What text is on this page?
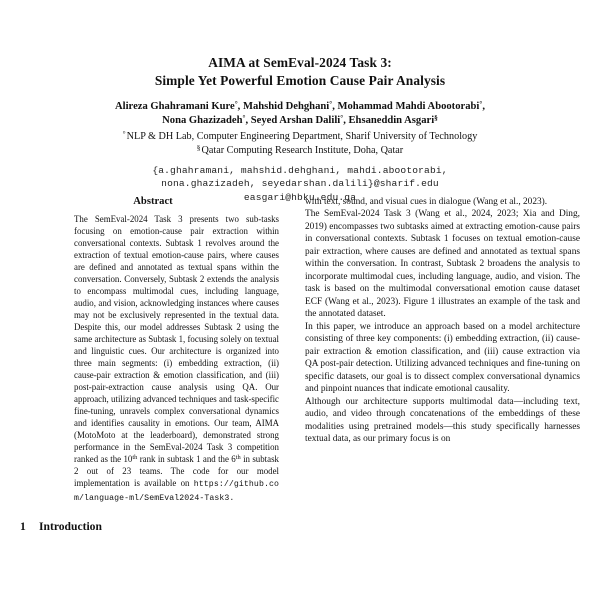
AIMA at SemEval-2024 Task 3:
Simple Yet Powerful Emotion Cause Pair Analysis
Alireza Ghahramani Kure°, Mahshid Dehghani°, Mohammad Mahdi Abootorabi°,
Nona Ghazizadeh°, Seyed Arshan Dalili°, Ehsaneddin Asgari§
°NLP & DH Lab, Computer Engineering Department, Sharif University of Technology
§Qatar Computing Research Institute, Doha, Qatar
{a.ghahramani, mahshid.dehghani, mahdi.abootorabi,
nona.ghazizadeh, seyedarshan.dalili}@sharif.edu
easgari@hbku.edu.qa
Abstract
The SemEval-2024 Task 3 presents two sub-tasks focusing on emotion-cause pair extraction within conversational contexts. Subtask 1 revolves around the extraction of textual emotion-cause pairs, where causes are defined and annotated as textual spans within the conversation. Conversely, Subtask 2 extends the analysis to encompass multimodal cues, including language, audio, and vision, acknowledging instances where causes may not be exclusively represented in the textual data. Despite this, our model addresses Subtask 2 using the same architecture as Subtask 1, focusing solely on textual and linguistic cues. Our architecture is organized into three main segments: (i) embedding extraction, (ii) cause-pair extraction & emotion classification, and (iii) post-pair-extraction cause analysis using QA. Our approach, utilizing advanced techniques and task-specific fine-tuning, unravels complex conversational dynamics and identifies causality in emotions. Our team, AIMA (MotoMoto at the leaderboard), demonstrated strong performance in the SemEval-2024 Task 3 competition ranked as the 10th rank in subtask 1 and the 6th in subtask 2 out of 23 teams. The code for our model implementation is available on https://github.com/language-ml/SemEval2024-Task3.
1 Introduction

with text, sound, and visual cues in dialogue (Wang et al., 2023).

The SemEval-2024 Task 3 (Wang et al., 2024, 2023; Xia and Ding, 2019) encompasses two subtasks aimed at extracting emotion-cause pairs in conversational contexts. Subtask 1 focuses on textual emotion-cause pair extraction, where causes are defined and annotated as textual spans within the conversation. In contrast, Subtask 2 broadens the analysis to incorporate multimodal cues, including language, audio, and vision. The task is based on the multimodal conversational emotion cause dataset ECF (Wang et al., 2023). Figure 1 illustrates an example of the task and the annotated dataset.

In this paper, we introduce an approach based on a model architecture consisting of three key components: (i) embedding extraction, (ii) cause-pair extraction & emotion classification, and (iii) cause extraction via QA post-pair detection. Utilizing advanced techniques and fine-tuning on specific datasets, our goal is to dissect complex conversational dynamics and pinpoint nuances that indicate emotional causality.

Although our architecture supports multimodal data—including text, audio, and video through concatenations of the embeddings of these modalities using pretrained models—this study specifically harnesses textual data, as our primary focus is on
